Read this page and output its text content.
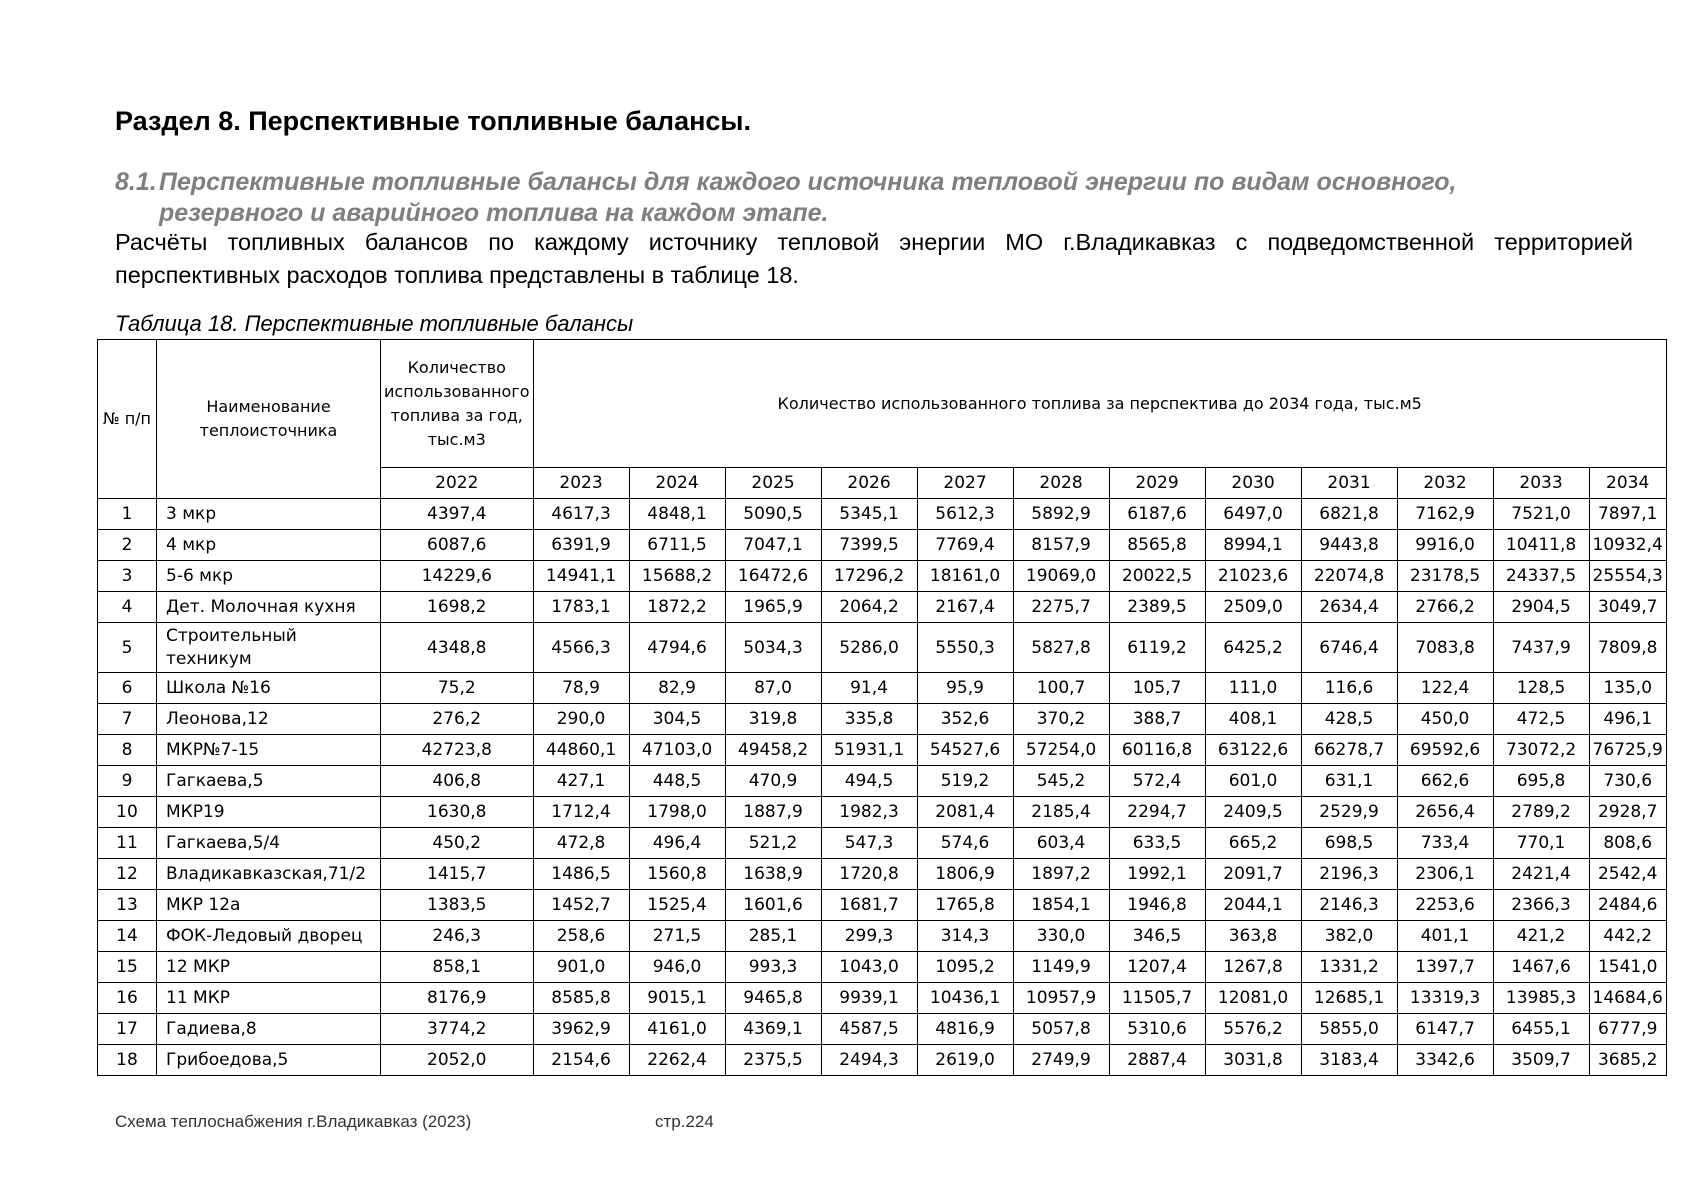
Раздел 8. Перспективные топливные балансы.
8.1.Перспективные топливные балансы для каждого источника тепловой энергии по видам основного,
резервного и аварийного топлива на каждом этапе.

Расчёты топливных балансов по каждому источнику тепловой энергии МО г.Владикавказ с подведомственной территорией перспективных расходов топлива представлены в таблице 18.

Таблица 18. Перспективные топливные балансы

№ п/п	Наименование теплоисточника	Количество использованного топлива за год, тыс.м3	Количество использованного топлива за перспектива до 2034 года, тыс.м5											
		2022	2023	2024	2025	2026	2027	2028	2029	2030	2031	2032	2033	2034
1	3 мкр	4397,4	4617,3	4848,1	5090,5	5345,1	5612,3	5892,9	6187,6	6497,0	6821,8	7162,9	7521,0	7897,1
2	4 мкр	6087,6	6391,9	6711,5	7047,1	7399,5	7769,4	8157,9	8565,8	8994,1	9443,8	9916,0	10411,8	10932,4
3	5-6 мкр	14229,6	14941,1	15688,2	16472,6	17296,2	18161,0	19069,0	20022,5	21023,6	22074,8	23178,5	24337,5	25554,3
4	Дет. Молочная кухня	1698,2	1783,1	1872,2	1965,9	2064,2	2167,4	2275,7	2389,5	2509,0	2634,4	2766,2	2904,5	3049,7
5	Строительный техникум	4348,8	4566,3	4794,6	5034,3	5286,0	5550,3	5827,8	6119,2	6425,2	6746,4	7083,8	7437,9	7809,8
6	Школа №16	75,2	78,9	82,9	87,0	91,4	95,9	100,7	105,7	111,0	116,6	122,4	128,5	135,0
7	Леонова,12	276,2	290,0	304,5	319,8	335,8	352,6	370,2	388,7	408,1	428,5	450,0	472,5	496,1
8	МКР№7-15	42723,8	44860,1	47103,0	49458,2	51931,1	54527,6	57254,0	60116,8	63122,6	66278,7	69592,6	73072,2	76725,9
9	Гагкаева,5	406,8	427,1	448,5	470,9	494,5	519,2	545,2	572,4	601,0	631,1	662,6	695,8	730,6
10	МКР19	1630,8	1712,4	1798,0	1887,9	1982,3	2081,4	2185,4	2294,7	2409,5	2529,9	2656,4	2789,2	2928,7
11	Гагкаева,5/4	450,2	472,8	496,4	521,2	547,3	574,6	603,4	633,5	665,2	698,5	733,4	770,1	808,6
12	Владикавказская,71/2	1415,7	1486,5	1560,8	1638,9	1720,8	1806,9	1897,2	1992,1	2091,7	2196,3	2306,1	2421,4	2542,4
13	МКР 12а	1383,5	1452,7	1525,4	1601,6	1681,7	1765,8	1854,1	1946,8	2044,1	2146,3	2253,6	2366,3	2484,6
14	ФОК-Ледовый дворец	246,3	258,6	271,5	285,1	299,3	314,3	330,0	346,5	363,8	382,0	401,1	421,2	442,2
15	12 МКР	858,1	901,0	946,0	993,3	1043,0	1095,2	1149,9	1207,4	1267,8	1331,2	1397,7	1467,6	1541,0
16	11 МКР	8176,9	8585,8	9015,1	9465,8	9939,1	10436,1	10957,9	11505,7	12081,0	12685,1	13319,3	13985,3	14684,6
17	Гадиева,8	3774,2	3962,9	4161,0	4369,1	4587,5	4816,9	5057,8	5310,6	5576,2	5855,0	6147,7	6455,1	6777,9
18	Грибоедова,5	2052,0	2154,6	2262,4	2375,5	2494,3	2619,0	2749,9	2887,4	3031,8	3183,4	3342,6	3509,7	3685,2
Схема теплоснабжения г.Владикавказ (2023)	стр.224
